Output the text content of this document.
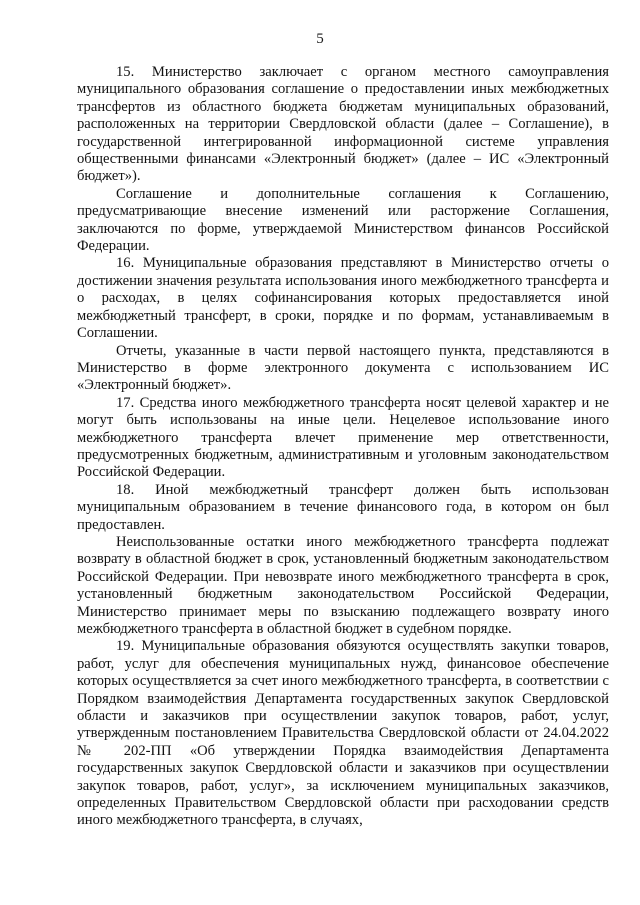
5

15. Министерство заключает с органом местного самоуправления муниципального образования соглашение о предоставлении иных межбюджетных трансфертов из областного бюджета бюджетам муниципальных образований, расположенных на территории Свердловской области (далее – Соглашение), в государственной интегрированной информационной системе управления общественными финансами «Электронный бюджет» (далее – ИС «Электронный бюджет»).

Соглашение и дополнительные соглашения к Соглашению, предусматривающие внесение изменений или расторжение Соглашения, заключаются по форме, утверждаемой Министерством финансов Российской Федерации.

16. Муниципальные образования представляют в Министерство отчеты о достижении значения результата использования иного межбюджетного трансферта и о расходах, в целях софинансирования которых предоставляется иной межбюджетный трансферт, в сроки, порядке и по формам, устанавливаемым в Соглашении.

Отчеты, указанные в части первой настоящего пункта, представляются в Министерство в форме электронного документа с использованием ИС «Электронный бюджет».

17. Средства иного межбюджетного трансферта носят целевой характер и не могут быть использованы на иные цели. Нецелевое использование иного межбюджетного трансферта влечет применение мер ответственности, предусмотренных бюджетным, административным и уголовным законодательством Российской Федерации.

18. Иной межбюджетный трансферт должен быть использован муниципальным образованием в течение финансового года, в котором он был предоставлен.

Неиспользованные остатки иного межбюджетного трансферта подлежат возврату в областной бюджет в срок, установленный бюджетным законодательством Российской Федерации. При невозврате иного межбюджетного трансферта в срок, установленный бюджетным законодательством Российской Федерации, Министерство принимает меры по взысканию подлежащего возврату иного межбюджетного трансферта в областной бюджет в судебном порядке.

19. Муниципальные образования обязуются осуществлять закупки товаров, работ, услуг для обеспечения муниципальных нужд, финансовое обеспечение которых осуществляется за счет иного межбюджетного трансферта, в соответствии с Порядком взаимодействия Департамента государственных закупок Свердловской области и заказчиков при осуществлении закупок товаров, работ, услуг, утвержденным постановлением Правительства Свердловской области от 24.04.2022 № 202-ПП «Об утверждении Порядка взаимодействия Департамента государственных закупок Свердловской области и заказчиков при осуществлении закупок товаров, работ, услуг», за исключением муниципальных заказчиков, определенных Правительством Свердловской области при расходовании средств иного межбюджетного трансферта, в случаях,
